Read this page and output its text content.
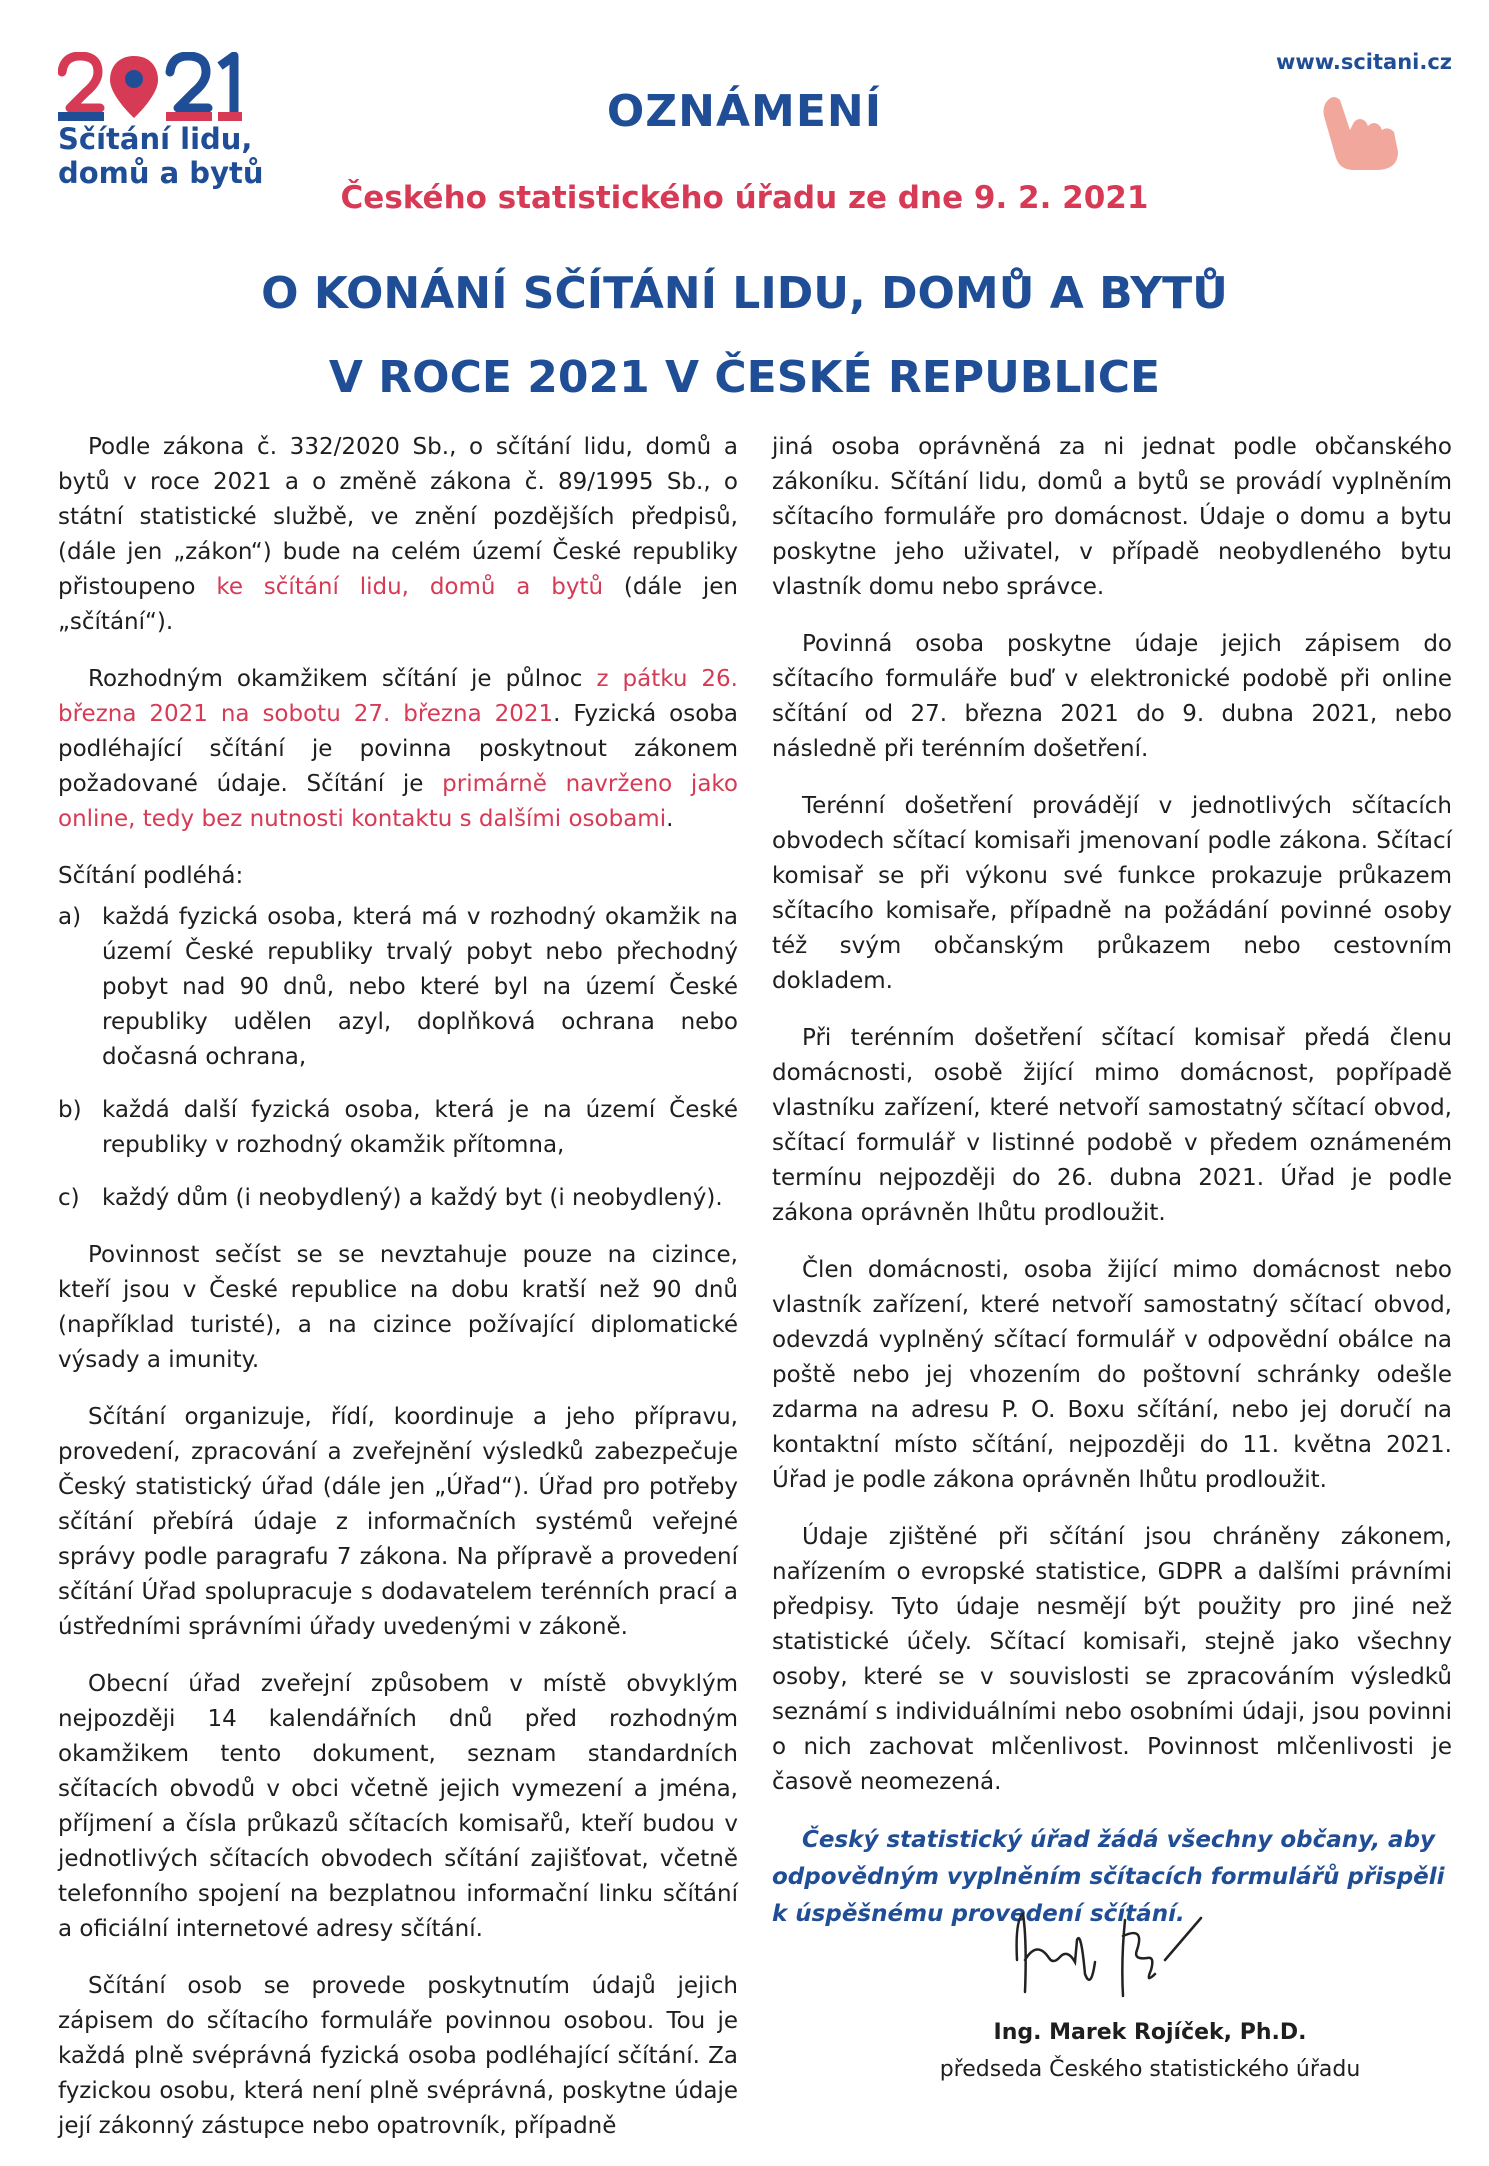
Sčítání lidu,
domů a bytů
www.scitani.cz
OZNÁMENÍ
Českého statistického úřadu ze dne 9. 2. 2021
O KONÁNÍ SČÍTÁNÍ LIDU, DOMŮ A BYTŮ
V ROCE 2021 V ČESKÉ REPUBLICE

Podle zákona č. 332/2020 Sb., o sčítání lidu, domů a bytů v roce 2021 a o změně zákona č. 89/1995 Sb., o státní statistické službě, ve znění pozdějších předpisů, (dále jen „zákon“) bude na celém území České republiky přistoupeno ke sčítání lidu, domů a bytů (dále jen „sčítání“).

Rozhodným okamžikem sčítání je půlnoc z pátku 26. března 2021 na sobotu 27. března 2021. Fyzická osoba podléhající sčítání je povinna poskytnout zákonem požadované údaje. Sčítání je primárně navrženo jako online, tedy bez nutnosti kontaktu s dalšími osobami.

Sčítání podléhá:

a) každá fyzická osoba, která má v rozhodný okamžik na území České republiky trvalý pobyt nebo přechodný pobyt nad 90 dnů, nebo které byl na území České republiky udělen azyl, doplňková ochrana nebo dočasná ochrana,
b) každá další fyzická osoba, která je na území České republiky v rozhodný okamžik přítomna,
c) každý dům (i neobydlený) a každý byt (i neobydlený).

Povinnost sečíst se se nevztahuje pouze na cizince, kteří jsou v České republice na dobu kratší než 90 dnů (například turisté), a na cizince požívající diplomatické výsady a imunity.

Sčítání organizuje, řídí, koordinuje a jeho přípravu, provedení, zpracování a zveřejnění výsledků zabezpečuje Český statistický úřad (dále jen „Úřad“). Úřad pro potřeby sčítání přebírá údaje z informačních systémů veřejné správy podle paragrafu 7 zákona. Na přípravě a provedení sčítání Úřad spolupracuje s dodavatelem terénních prací a ústředními správními úřady uvedenými v zákoně.

Obecní úřad zveřejní způsobem v místě obvyklým nejpozději 14 kalendářních dnů před rozhodným okamžikem tento dokument, seznam standardních sčítacích obvodů v obci včetně jejich vymezení a jména, příjmení a čísla průkazů sčítacích komisařů, kteří budou v jednotlivých sčítacích obvodech sčítání zajišťovat, včetně telefonního spojení na bezplatnou informační linku sčítání a oficiální internetové adresy sčítání.

Sčítání osob se provede poskytnutím údajů jejich zápisem do sčítacího formuláře povinnou osobou. Tou je každá plně svéprávná fyzická osoba podléhající sčítání. Za fyzickou osobu, která není plně svéprávná, poskytne údaje její zákonný zástupce nebo opatrovník, případně

jiná osoba oprávněná za ni jednat podle občanského zákoníku. Sčítání lidu, domů a bytů se provádí vyplněním sčítacího formuláře pro domácnost. Údaje o domu a bytu poskytne jeho uživatel, v případě neobydleného bytu vlastník domu nebo správce.

Povinná osoba poskytne údaje jejich zápisem do sčítacího formuláře buď v elektronické podobě při online sčítání od 27. března 2021 do 9. dubna 2021, nebo následně při terénním došetření.

Terénní došetření provádějí v jednotlivých sčítacích obvodech sčítací komisaři jmenovaní podle zákona. Sčítací komisař se při výkonu své funkce prokazuje průkazem sčítacího komisaře, případně na požádání povinné osoby též svým občanským průkazem nebo cestovním dokladem.

Při terénním došetření sčítací komisař předá členu domácnosti, osobě žijící mimo domácnost, popřípadě vlastníku zařízení, které netvoří samostatný sčítací obvod, sčítací formulář v listinné podobě v předem oznámeném termínu nejpozději do 26. dubna 2021. Úřad je podle zákona oprávněn lhůtu prodloužit.

Člen domácnosti, osoba žijící mimo domácnost nebo vlastník zařízení, které netvoří samostatný sčítací obvod, odevzdá vyplněný sčítací formulář v odpovědní obálce na poště nebo jej vhozením do poštovní schránky odešle zdarma na adresu P. O. Boxu sčítání, nebo jej doručí na kontaktní místo sčítání, nejpozději do 11. května 2021. Úřad je podle zákona oprávněn lhůtu prodloužit.

Údaje zjištěné při sčítání jsou chráněny zákonem, nařízením o evropské statistice, GDPR a dalšími právními předpisy. Tyto údaje nesmějí být použity pro jiné než statistické účely. Sčítací komisaři, stejně jako všechny osoby, které se v souvislosti se zpracováním výsledků seznámí s individuálními nebo osobními údaji, jsou povinni o nich zachovat mlčenlivost. Povinnost mlčenlivosti je časově neomezená.

Český statistický úřad žádá všechny občany, aby odpovědným vyplněním sčítacích formulářů přispěli k úspěšnému provedení sčítání.

Ing. Marek Rojíček, Ph.D.
předseda Českého statistického úřadu
